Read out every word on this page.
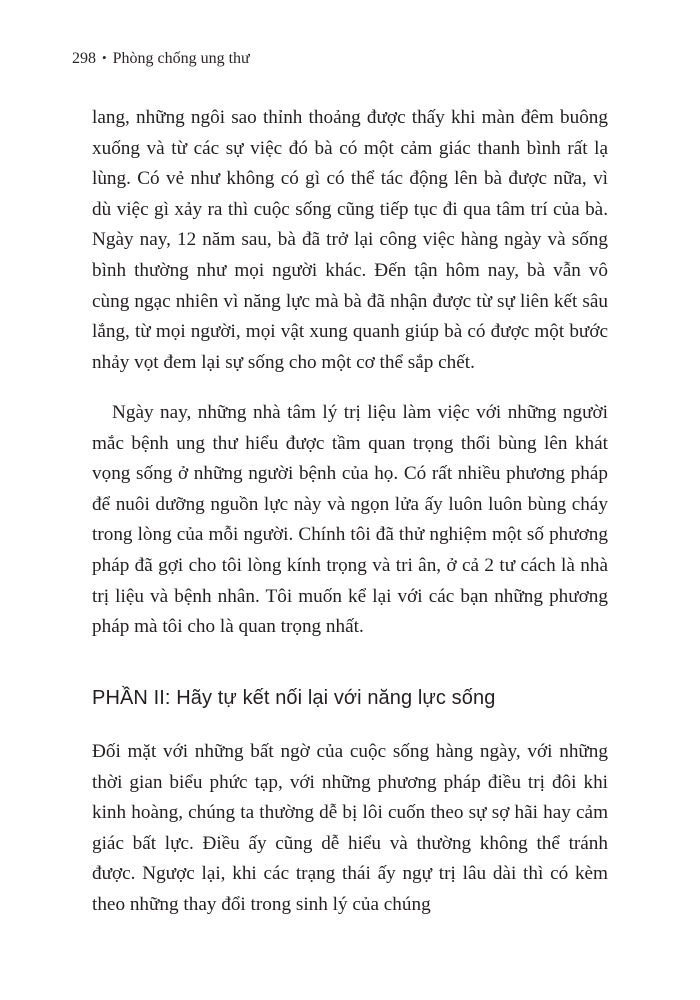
298 • Phòng chống ung thư

lang, những ngôi sao thỉnh thoảng được thấy khi màn đêm buông xuống và từ các sự việc đó bà có một cảm giác thanh bình rất lạ lùng. Có vẻ như không có gì có thể tác động lên bà được nữa, vì dù việc gì xảy ra thì cuộc sống cũng tiếp tục đi qua tâm trí của bà. Ngày nay, 12 năm sau, bà đã trở lại công việc hàng ngày và sống bình thường như mọi người khác. Đến tận hôm nay, bà vẫn vô cùng ngạc nhiên vì năng lực mà bà đã nhận được từ sự liên kết sâu lắng, từ mọi người, mọi vật xung quanh giúp bà có được một bước nhảy vọt đem lại sự sống cho một cơ thể sắp chết.

Ngày nay, những nhà tâm lý trị liệu làm việc với những người mắc bệnh ung thư hiểu được tầm quan trọng thổi bùng lên khát vọng sống ở những người bệnh của họ. Có rất nhiều phương pháp để nuôi dưỡng nguồn lực này và ngọn lửa ấy luôn luôn bùng cháy trong lòng của mỗi người. Chính tôi đã thử nghiệm một số phương pháp đã gợi cho tôi lòng kính trọng và tri ân, ở cả 2 tư cách là nhà trị liệu và bệnh nhân. Tôi muốn kể lại với các bạn những phương pháp mà tôi cho là quan trọng nhất.

PHẦN II: Hãy tự kết nối lại với năng lực sống

Đối mặt với những bất ngờ của cuộc sống hàng ngày, với những thời gian biểu phức tạp, với những phương pháp điều trị đôi khi kinh hoàng, chúng ta thường dễ bị lôi cuốn theo sự sợ hãi hay cảm giác bất lực. Điều ấy cũng dễ hiểu và thường không thể tránh được. Ngược lại, khi các trạng thái ấy ngự trị lâu dài thì có kèm theo những thay đổi trong sinh lý của chúng
